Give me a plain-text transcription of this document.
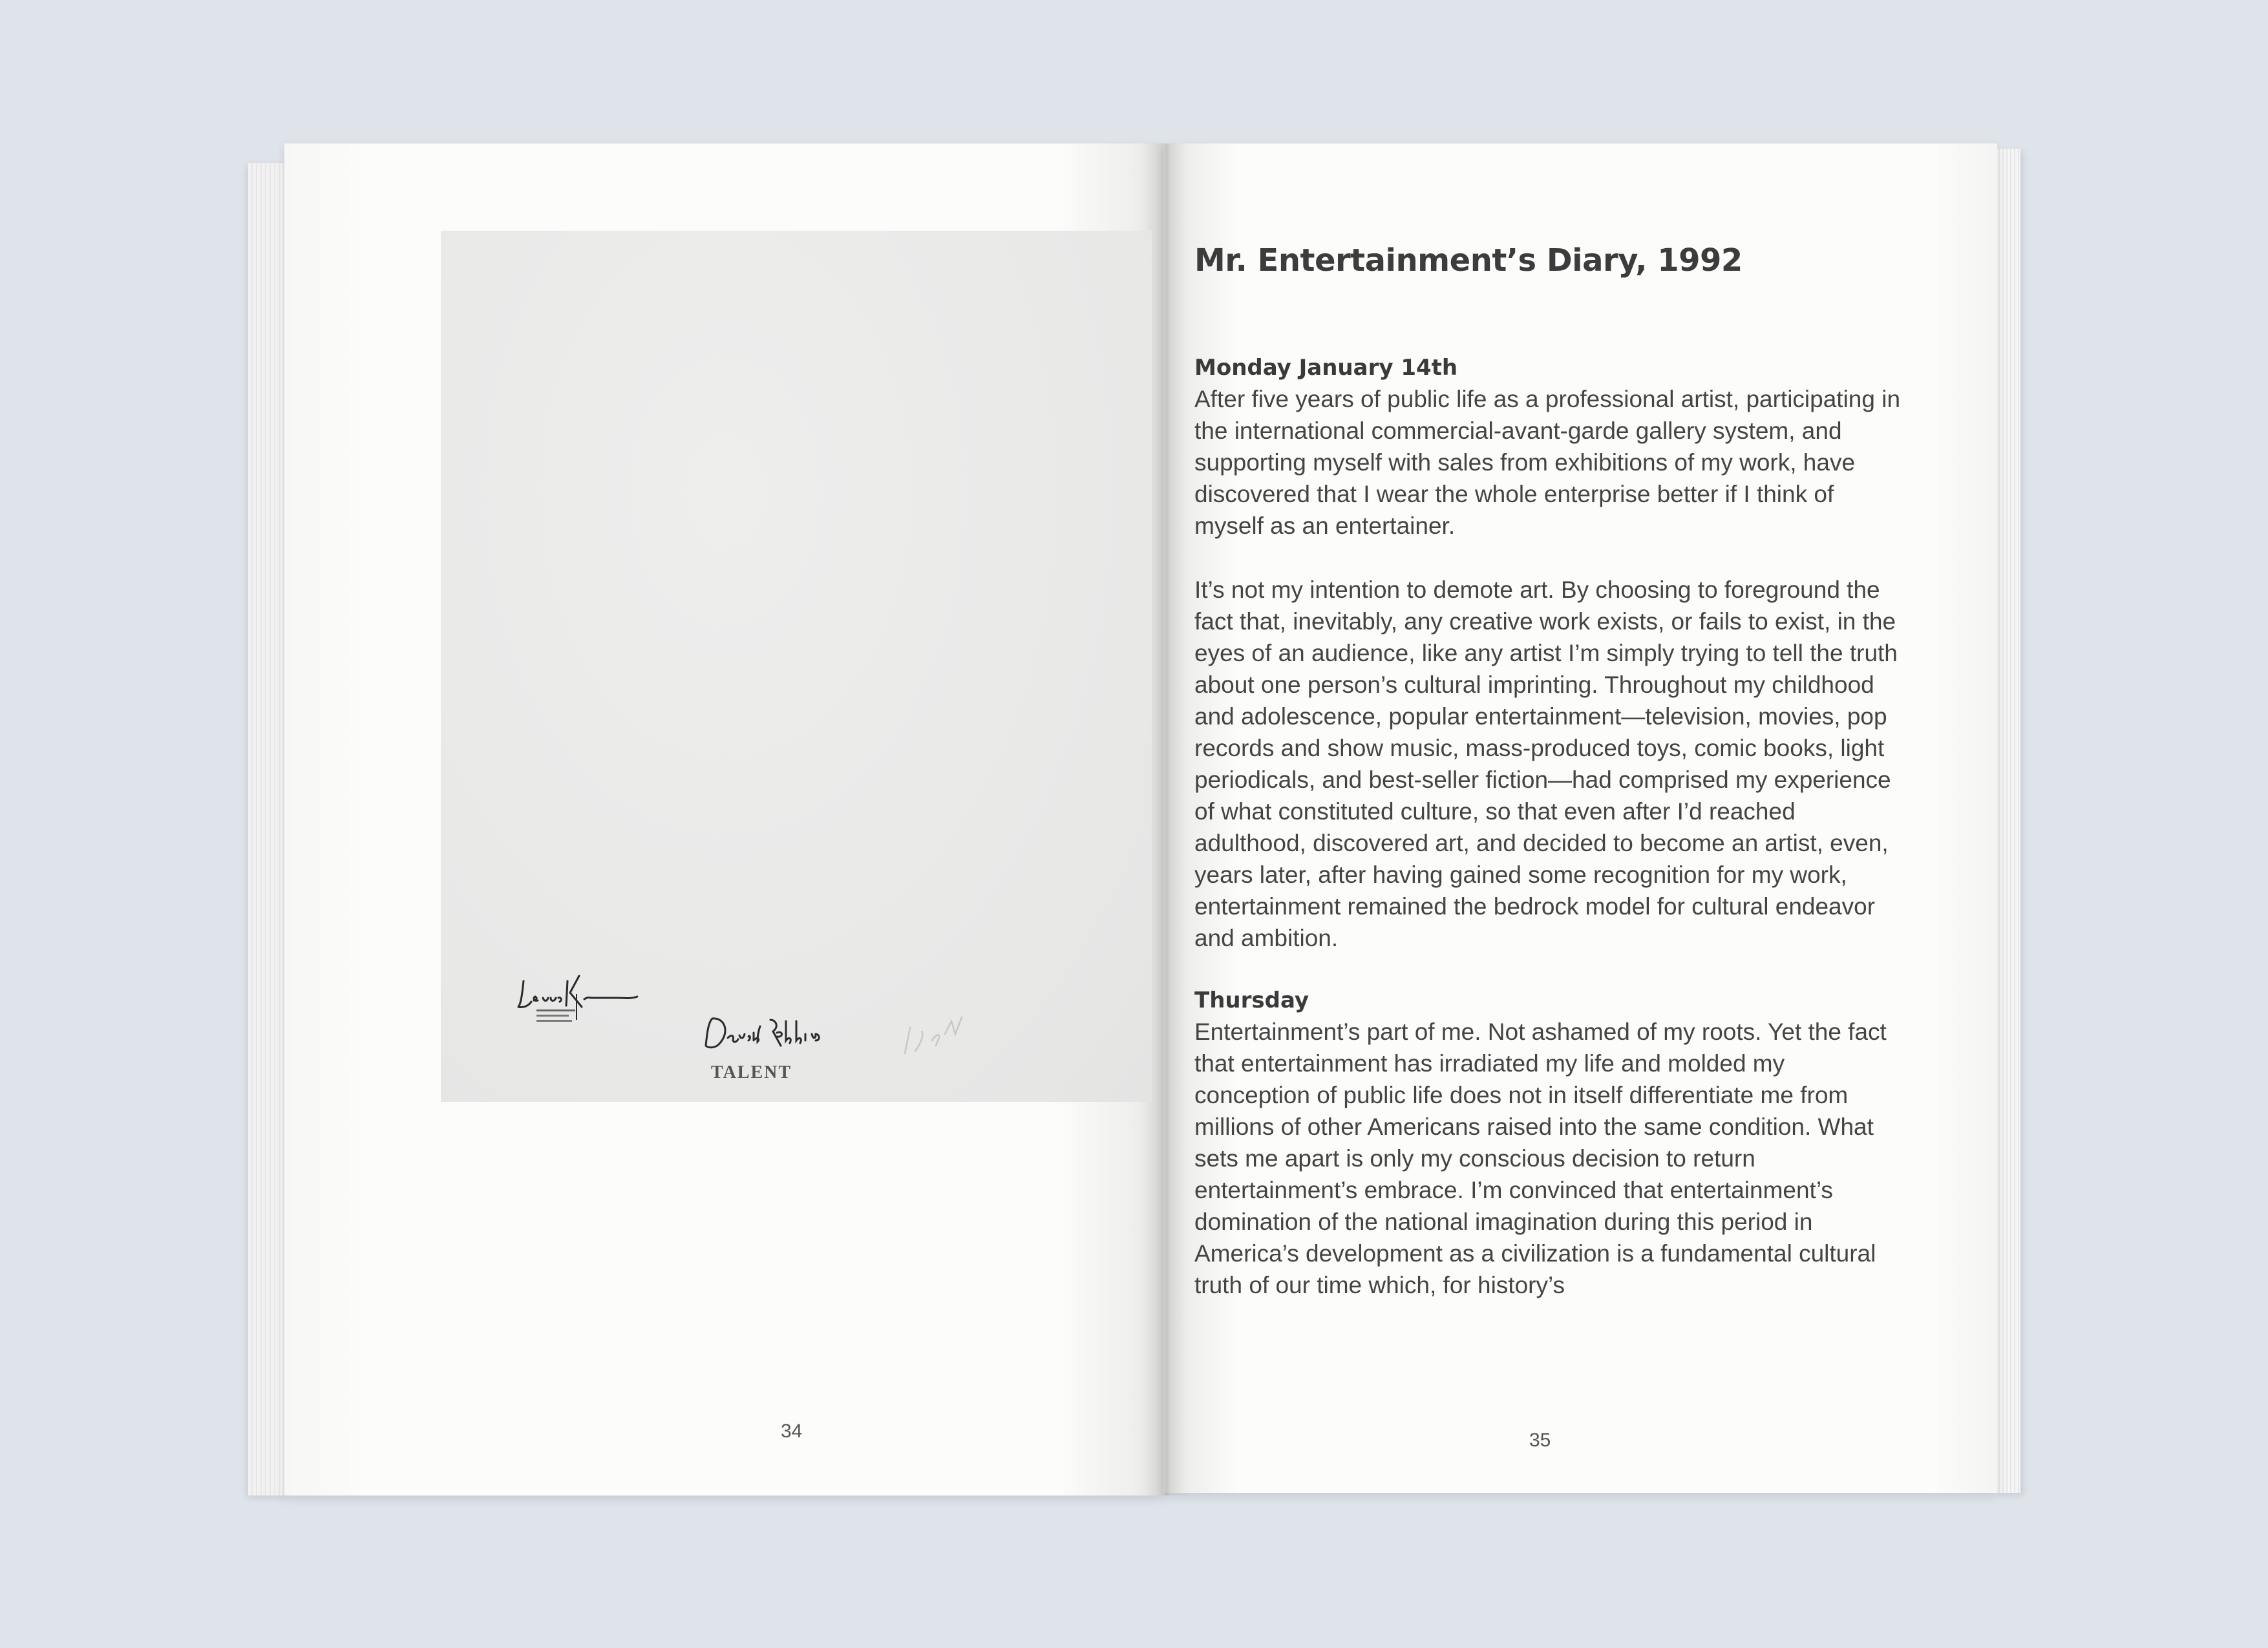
TALENT
34	35
Mr. Entertainment’s Diary, 1992
Monday January 14th

After five years of public life as a professional artist, participating in the international commercial-avant-garde gallery system, and supporting myself with sales from exhibitions of my work, have discovered that I wear the whole enterprise better if I think of myself as an entertainer.

It’s not my intention to demote art. By choosing to foreground the fact that, inevitably, any creative work exists, or fails to exist, in the eyes of an audience, like any artist I’m simply trying to tell the truth about one person’s cultural imprinting. Throughout my childhood and adolescence, popular entertainment—television, movies, pop records and show music, mass-produced toys, comic books, light periodicals, and best-seller fiction—had comprised my experience of what constituted culture, so that even after I’d reached adulthood, discovered art, and decided to become an artist, even, years later, after having gained some recognition for my work, entertainment remained the bedrock model for cultural endeavor and ambition.

Thursday

Entertainment’s part of me. Not ashamed of my roots. Yet the fact that entertainment has irradiated my life and molded my conception of public life does not in itself differentiate me from millions of other Americans raised into the same condition. What sets me apart is only my conscious decision to return entertainment’s embrace. I’m convinced that entertainment’s domination of the national imagination during this period in America’s development as a civilization is a fundamental cultural truth of our time which, for history’s
